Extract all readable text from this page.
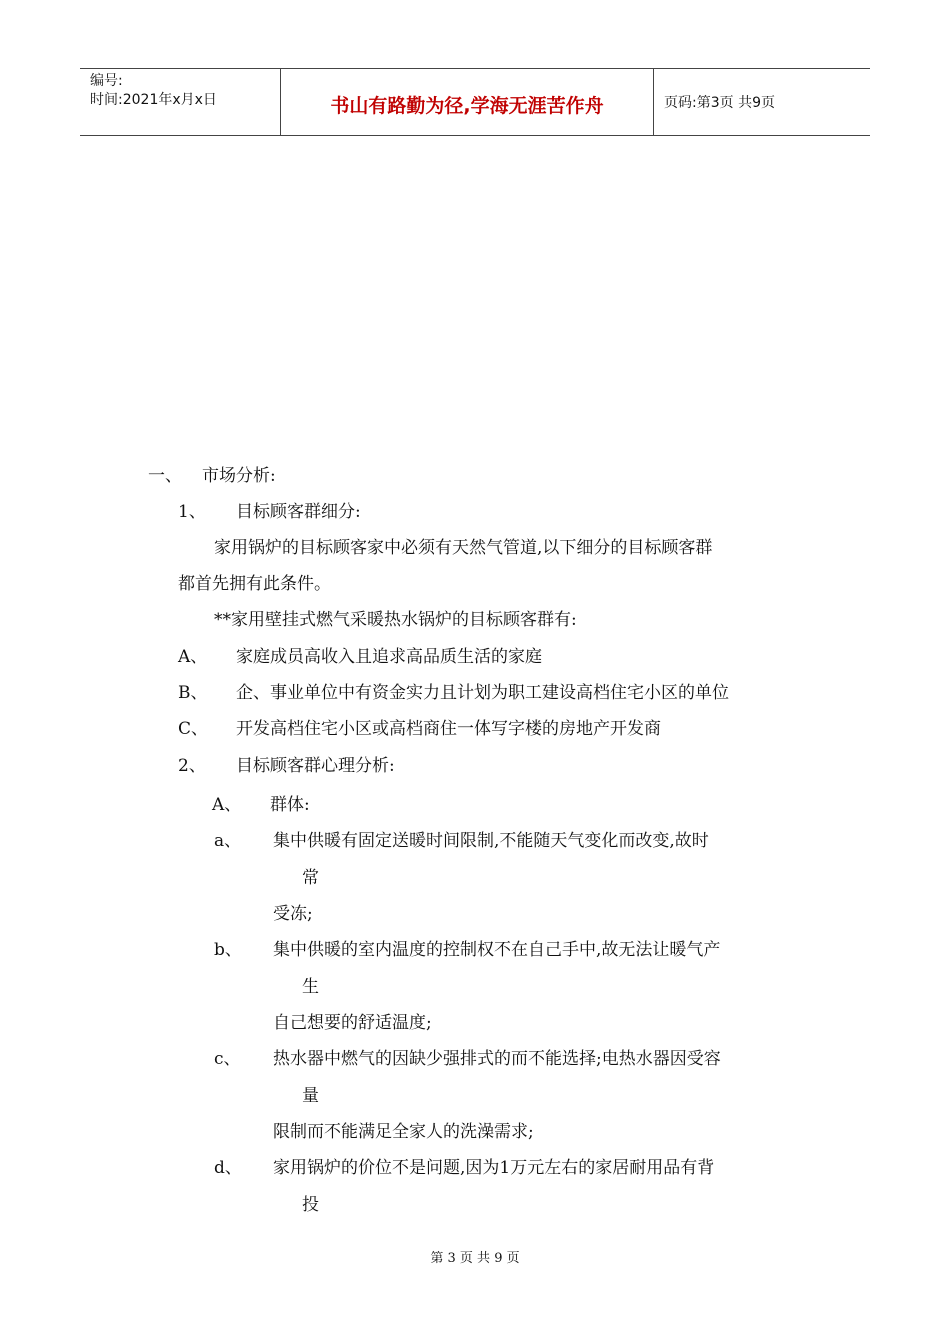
编号:
时间:2021年x月x日	书山有路勤为径,学海无涯苦作舟	页码:第3页 共9页
一、 市场分析:
1、 目标顾客群细分:
家用锅炉的目标顾客家中必须有天然气管道,以下细分的目标顾客群
都首先拥有此条件。
**家用壁挂式燃气采暖热水锅炉的目标顾客群有:
A、 家庭成员高收入且追求高品质生活的家庭
B、 企、事业单位中有资金实力且计划为职工建设高档住宅小区的单位
C、 开发高档住宅小区或高档商住一体写字楼的房地产开发商
2、 目标顾客群心理分析:
A、 群体:
a、 集中供暖有固定送暖时间限制,不能随天气变化而改变,故时
常
受冻;
b、 集中供暖的室内温度的控制权不在自己手中,故无法让暖气产
生
自己想要的舒适温度;
c、 热水器中燃气的因缺少强排式的而不能选择;电热水器因受容
量
限制而不能满足全家人的洗澡需求;
d、 家用锅炉的价位不是问题,因为1万元左右的家居耐用品有背
投
第 3 页 共 9 页
